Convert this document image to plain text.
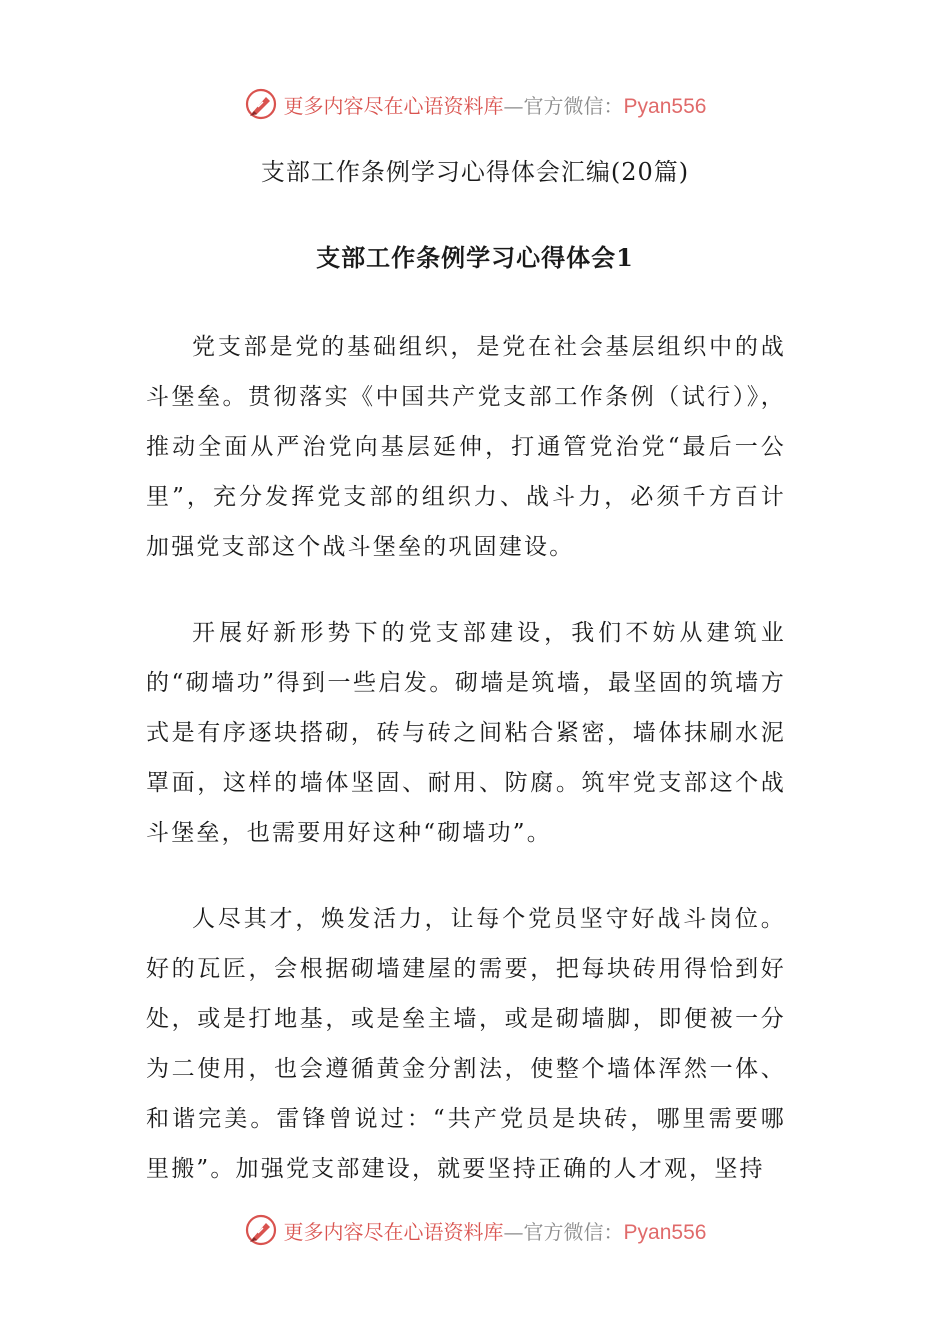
更多内容尽在心语资料库—官方微信：Pyan556
支部工作条例学习心得体会汇编(20篇)
支部工作条例学习心得体会1

党支部是党的基础组织，是党在社会基层组织中的战斗堡垒。贯彻落实《中国共产党支部工作条例（试行）》，推动全面从严治党向基层延伸，打通管党治党“最后一公里”，充分发挥党支部的组织力、战斗力，必须千方百计加强党支部这个战斗堡垒的巩固建设。

开展好新形势下的党支部建设，我们不妨从建筑业的“砌墙功”得到一些启发。砌墙是筑墙，最坚固的筑墙方式是有序逐块搭砌，砖与砖之间粘合紧密，墙体抹刷水泥罩面，这样的墙体坚固、耐用、防腐。筑牢党支部这个战斗堡垒，也需要用好这种“砌墙功”。

人尽其才，焕发活力，让每个党员坚守好战斗岗位。好的瓦匠，会根据砌墙建屋的需要，把每块砖用得恰到好处，或是打地基，或是垒主墙，或是砌墙脚，即便被一分为二使用，也会遵循黄金分割法，使整个墙体浑然一体、和谐完美。雷锋曾说过：“共产党员是块砖，哪里需要哪里搬”。加强党支部建设，就要坚持正确的人才观，坚持

更多内容尽在心语资料库—官方微信：Pyan556
